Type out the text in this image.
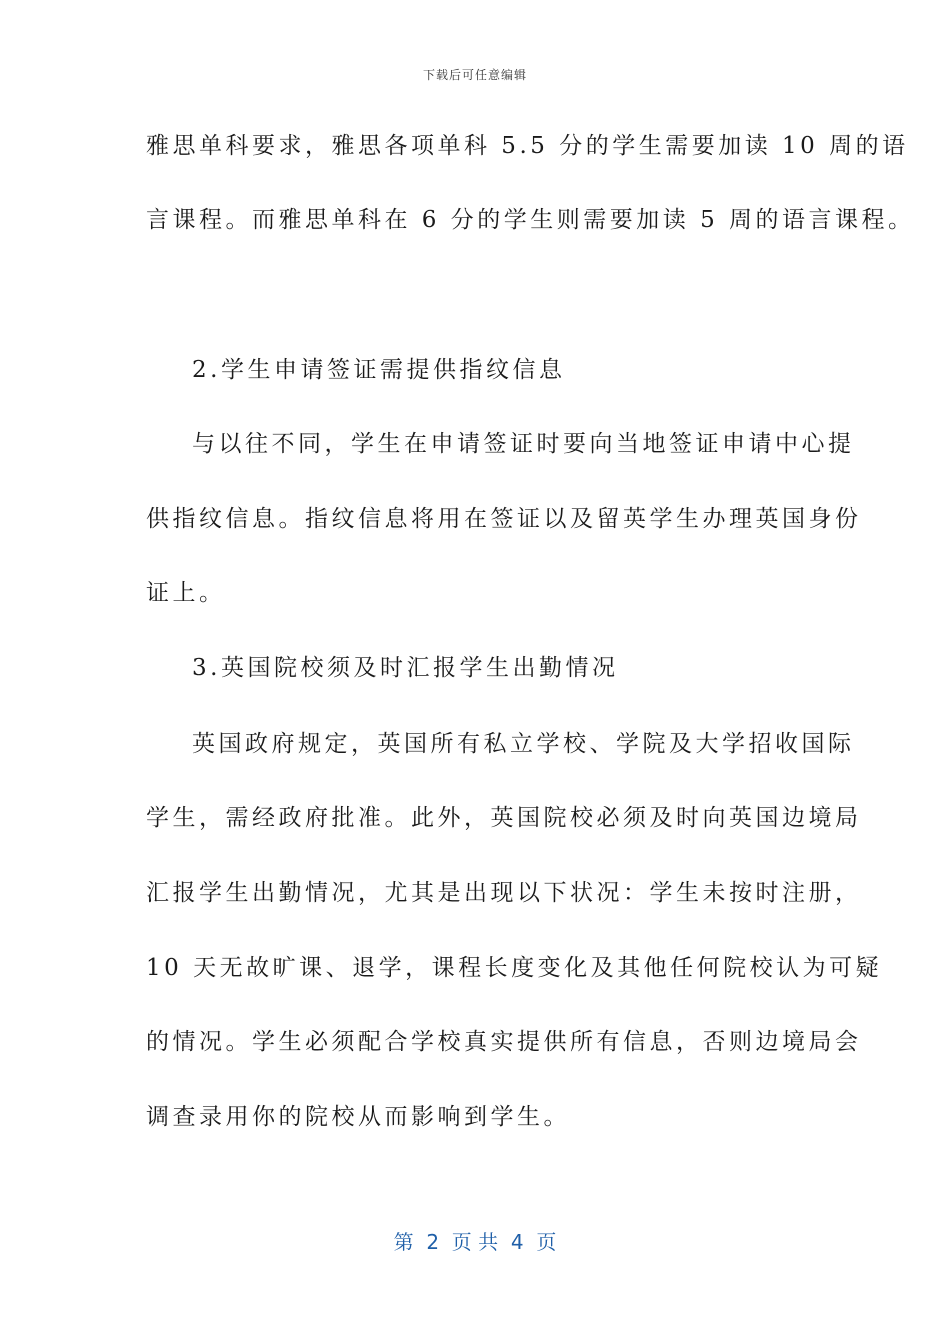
下载后可任意编辑
雅思单科要求，雅思各项单科 5.5 分的学生需要加读 10 周的语
言课程。而雅思单科在 6 分的学生则需要加读 5 周的语言课程。
2.学生申请签证需提供指纹信息
与以往不同，学生在申请签证时要向当地签证申请中心提
供指纹信息。指纹信息将用在签证以及留英学生办理英国身份
证上。
3.英国院校须及时汇报学生出勤情况
英国政府规定，英国所有私立学校、学院及大学招收国际
学生，需经政府批准。此外，英国院校必须及时向英国边境局
汇报学生出勤情况，尤其是出现以下状况：学生未按时注册，
10 天无故旷课、退学，课程长度变化及其他任何院校认为可疑
的情况。学生必须配合学校真实提供所有信息，否则边境局会
调查录用你的院校从而影响到学生。
第  2  页 共  4  页
